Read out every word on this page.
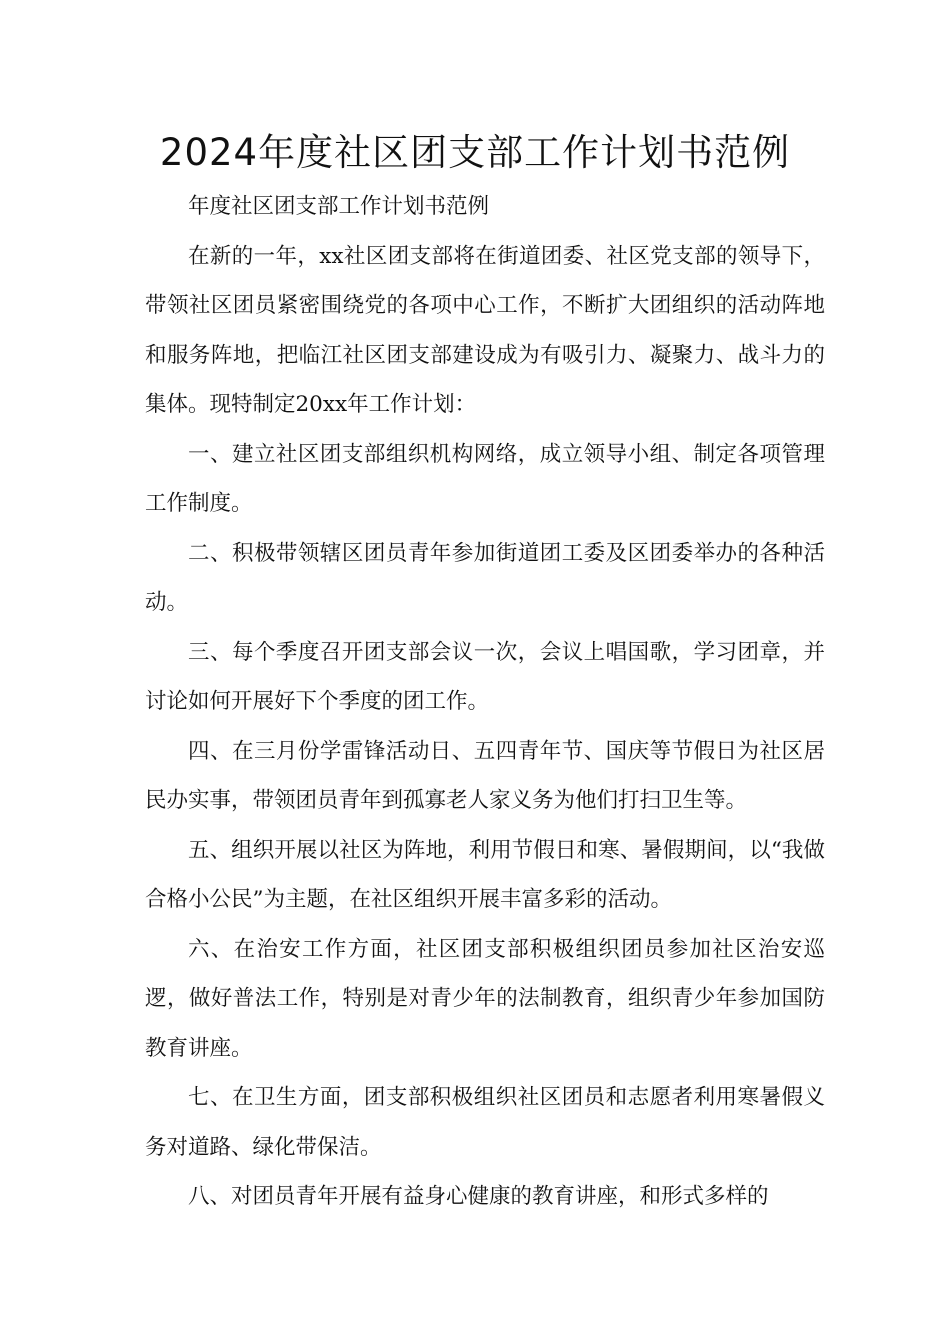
2024年度社区团支部工作计划书范例

年度社区团支部工作计划书范例

在新的一年，xx社区团支部将在街道团委、社区党支部的领导下，带领社区团员紧密围绕党的各项中心工作，不断扩大团组织的活动阵地和服务阵地，把临江社区团支部建设成为有吸引力、凝聚力、战斗力的集体。现特制定20xx年工作计划：

一、建立社区团支部组织机构网络，成立领导小组、制定各项管理工作制度。

二、积极带领辖区团员青年参加街道团工委及区团委举办的各种活动。

三、每个季度召开团支部会议一次，会议上唱国歌，学习团章，并讨论如何开展好下个季度的团工作。

四、在三月份学雷锋活动日、五四青年节、国庆等节假日为社区居民办实事，带领团员青年到孤寡老人家义务为他们打扫卫生等。

五、组织开展以社区为阵地，利用节假日和寒、暑假期间，以“我做合格小公民”为主题，在社区组织开展丰富多彩的活动。

六、在治安工作方面，社区团支部积极组织团员参加社区治安巡逻，做好普法工作，特别是对青少年的法制教育，组织青少年参加国防教育讲座。

七、在卫生方面，团支部积极组织社区团员和志愿者利用寒暑假义务对道路、绿化带保洁。

八、对团员青年开展有益身心健康的教育讲座，和形式多样的
